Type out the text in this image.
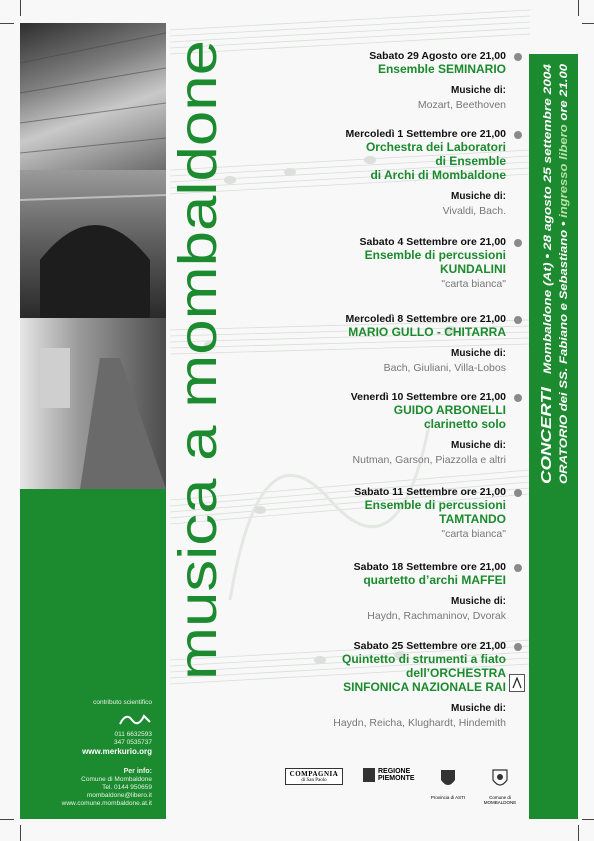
contributo scientifico
011 6632593
347 0535737
www.merkurio.org
Per info:
Comune di Mombaldone
Tel. 0144 950659
mombaldone@libero.it
www.comune.mombaldone.at.it
musica a mombaldone	CONCERTI Mombaldone (At) • 28 agosto 25 settembre 2004 ORATORIO dei SS. Fabiano e Sebastiano • ingresso libero ore 21.00
Sabato 29 Agosto ore 21,00
Ensemble SEMINARIO
Musiche di:
Mozart, Beethoven
Mercoledì 1 Settembre ore 21,00
Orchestra dei Laboratori
di Ensemble
di Archi di Mombaldone
Musiche di:
Vivaldi, Bach.
Sabato 4 Settembre ore 21,00
Ensemble di percussioni
KUNDALINI
"carta bianca"
Mercoledì 8 Settembre ore 21,00
MARIO GULLO - CHITARRA
Musiche di:
Bach, Giuliani, Villa-Lobos
Venerdì 10 Settembre ore 21,00
GUIDO ARBONELLI
clarinetto solo
Musiche di:
Nutman, Garson, Piazzolla e altri
Sabato 11 Settembre ore 21,00
Ensemble di percussioni
TAMTANDO
"carta bianca"
Sabato 18 Settembre ore 21,00
quartetto d’archi MAFFEI
Musiche di:
Haydn, Rachmaninov, Dvorak
Sabato 25 Settembre ore 21,00
Quintetto di strumenti a fiato
dell’ORCHESTRA
SINFONICA NAZIONALE RAI
Musiche di:
Haydn, Reicha, Klughardt, Hindemith
COMPAGNIA
di San Paolo
REGIONE
PIEMONTE
Provincia di ASTI	Comune di
MOMBALDONE
